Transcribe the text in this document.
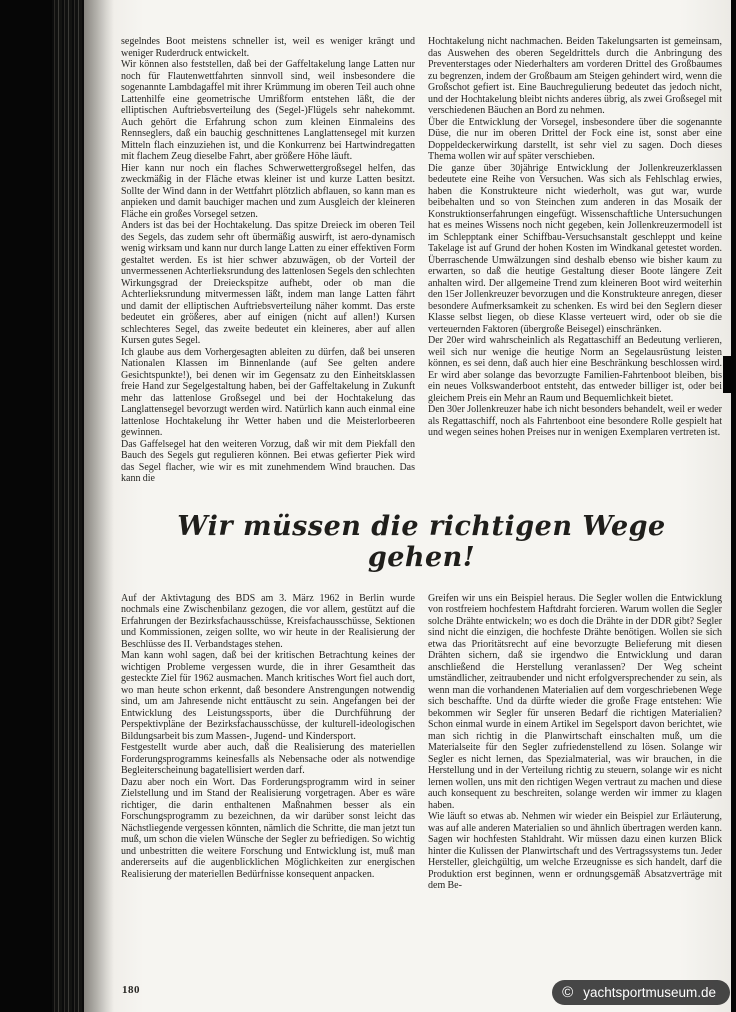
segelndes Boot meistens schneller ist, weil es weniger krängt und weniger Ruderdruck entwickelt.

Wir können also feststellen, daß bei der Gaffeltakelung lange Latten nur noch für Flautenwettfahrten sinnvoll sind, weil insbesondere die sogenannte Lambdagaffel mit ihrer Krümmung im oberen Teil auch ohne Lattenhilfe eine geometrische Umrißform entstehen läßt, die der elliptischen Auftriebsverteilung des (Segel-)Flügels sehr nahekommt. Auch gehört die Erfahrung schon zum kleinen Einmaleins des Rennseglers, daß ein bauchig geschnittenes Langlattensegel mit kurzen Mitteln flach einzuziehen ist, und die Konkurrenz bei Hartwindregatten mit flachem Zeug dieselbe Fahrt, aber größere Höhe läuft.

Hier kann nur noch ein flaches Schwerwettergroßsegel helfen, das zweckmäßig in der Fläche etwas kleiner ist und kurze Latten besitzt. Sollte der Wind dann in der Wettfahrt plötzlich abflauen, so kann man es anpieken und damit bauchiger machen und zum Ausgleich der kleineren Fläche ein großes Vorsegel setzen.

Anders ist das bei der Hochtakelung. Das spitze Dreieck im oberen Teil des Segels, das zudem sehr oft übermäßig auswirft, ist aero-dynamisch wenig wirksam und kann nur durch lange Latten zu einer effektiven Form gestaltet werden. Es ist hier schwer abzuwägen, ob der Vorteil der unvermessenen Achterlieksrundung des lattenlosen Segels den schlechten Wirkungsgrad der Dreieckspitze aufhebt, oder ob man die Achterlieksrundung mitvermessen läßt, indem man lange Latten fährt und damit der elliptischen Auftriebsverteilung näher kommt. Das erste bedeutet ein größeres, aber auf einigen (nicht auf allen!) Kursen schlechteres Segel, das zweite bedeutet ein kleineres, aber auf allen Kursen gutes Segel.

Ich glaube aus dem Vorhergesagten ableiten zu dürfen, daß bei unseren Nationalen Klassen im Binnenlande (auf See gelten andere Gesichtspunkte!), bei denen wir im Gegensatz zu den Einheitsklassen freie Hand zur Segelgestaltung haben, bei der Gaffeltakelung in Zukunft mehr das lattenlose Großsegel und bei der Hochtakelung das Langlattensegel bevorzugt werden wird. Natürlich kann auch einmal eine lattenlose Hochtakelung ihr Wetter haben und die Meisterlorbeeren gewinnen.

Das Gaffelsegel hat den weiteren Vorzug, daß wir mit dem Piekfall den Bauch des Segels gut regulieren können. Bei etwas gefierter Piek wird das Segel flacher, wie wir es mit zunehmendem Wind brauchen. Das kann die

Hochtakelung nicht nachmachen. Beiden Takelungsarten ist gemeinsam, das Auswehen des oberen Segeldrittels durch die Anbringung des Preventerstages oder Niederhalters am vorderen Drittel des Großbaumes zu begrenzen, indem der Großbaum am Steigen gehindert wird, wenn die Großschot gefiert ist. Eine Bauchregulierung bedeutet das jedoch nicht, und der Hochtakelung bleibt nichts anderes übrig, als zwei Großsegel mit verschiedenen Bäuchen an Bord zu nehmen.

Über die Entwicklung der Vorsegel, insbesondere über die sogenannte Düse, die nur im oberen Drittel der Fock eine ist, sonst aber eine Doppeldeckerwirkung darstellt, ist sehr viel zu sagen. Doch dieses Thema wollen wir auf später verschieben.

Die ganze über 30jährige Entwicklung der Jollenkreuzerklassen bedeutete eine Reihe von Versuchen. Was sich als Fehlschlag erwies, haben die Konstrukteure nicht wiederholt, was gut war, wurde beibehalten und so von Steinchen zum anderen in das Mosaik der Konstruktionserfahrungen eingefügt. Wissenschaftliche Untersuchungen hat es meines Wissens noch nicht gegeben, kein Jollenkreuzermodell ist im Schlepptank einer Schiffbau-Versuchsanstalt geschleppt und keine Takelage ist auf Grund der hohen Kosten im Windkanal getestet worden. Überraschende Umwälzungen sind deshalb ebenso wie bisher kaum zu erwarten, so daß die heutige Gestaltung dieser Boote längere Zeit anhalten wird. Der allgemeine Trend zum kleineren Boot wird weiterhin den 15er Jollenkreuzer bevorzugen und die Konstrukteure anregen, dieser besondere Aufmerksamkeit zu schenken. Es wird bei den Seglern dieser Klasse selbst liegen, ob diese Klasse verteuert wird, oder ob sie die verteuernden Faktoren (übergroße Beisegel) einschränken.

Der 20er wird wahrscheinlich als Regattaschiff an Bedeutung verlieren, weil sich nur wenige die heutige Norm an Segelausrüstung leisten können, es sei denn, daß auch hier eine Beschränkung beschlossen wird. Er wird aber solange das bevorzugte Familien-Fahrtenboot bleiben, bis ein neues Volkswanderboot entsteht, das entweder billiger ist, oder bei gleichem Preis ein Mehr an Raum und Bequemlichkeit bietet.

Den 30er Jollenkreuzer habe ich nicht besonders behandelt, weil er weder als Regattaschiff, noch als Fahrtenboot eine besondere Rolle gespielt hat und wegen seines hohen Preises nur in wenigen Exemplaren vertreten ist.

Wir müssen die richtigen Wege gehen!

Auf der Aktivtagung des BDS am 3. März 1962 in Berlin wurde nochmals eine Zwischenbilanz gezogen, die vor allem, gestützt auf die Erfahrungen der Bezirksfachausschüsse, Kreisfachausschüsse, Sektionen und Kommissionen, zeigen sollte, wo wir heute in der Realisierung der Beschlüsse des II. Verbandstages stehen.

Man kann wohl sagen, daß bei der kritischen Betrachtung keines der wichtigen Probleme vergessen wurde, die in ihrer Gesamtheit das gesteckte Ziel für 1962 ausmachen. Manch kritisches Wort fiel auch dort, wo man heute schon erkennt, daß besondere Anstrengungen notwendig sind, um am Jahresende nicht enttäuscht zu sein. Angefangen bei der Entwicklung des Leistungssports, über die Durchführung der Perspektivpläne der Bezirksfachausschüsse, der kulturell-ideologischen Bildungsarbeit bis zum Massen-, Jugend- und Kindersport.

Festgestellt wurde aber auch, daß die Realisierung des materiellen Forderungsprogramms keinesfalls als Nebensache oder als notwendige Begleiterscheinung bagatellisiert werden darf.

Dazu aber noch ein Wort. Das Forderungsprogramm wird in seiner Zielstellung und im Stand der Realisierung vorgetragen. Aber es wäre richtiger, die darin enthaltenen Maßnahmen besser als ein Forschungsprogramm zu bezeichnen, da wir darüber sonst leicht das Nächstliegende vergessen könnten, nämlich die Schritte, die man jetzt tun muß, um schon die vielen Wünsche der Segler zu befriedigen. So wichtig und unbestritten die weitere Forschung und Entwicklung ist, muß man andererseits auf die augenblicklichen Möglichkeiten zur energischen Realisierung der materiellen Bedürfnisse konsequent anpacken.

Greifen wir uns ein Beispiel heraus. Die Segler wollen die Entwicklung von rostfreiem hochfestem Haftdraht forcieren. Warum wollen die Segler solche Drähte entwickeln; wo es doch die Drähte in der DDR gibt? Segler sind nicht die einzigen, die hochfeste Drähte benötigen. Wollen sie sich etwa das Prioritätsrecht auf eine bevorzugte Belieferung mit diesen Drähten sichern, daß sie irgendwo die Entwicklung und daran anschließend die Herstellung veranlassen? Der Weg scheint umständlicher, zeitraubender und nicht erfolgversprechender zu sein, als wenn man die vorhandenen Materialien auf dem vorgeschriebenen Wege sich beschaffte. Und da dürfte wieder die große Frage entstehen: Wie bekommen wir Segler für unseren Bedarf die richtigen Materialien? Schon einmal wurde in einem Artikel im Segelsport davon berichtet, wie man sich richtig in die Planwirtschaft einschalten muß, um die Materialseite für den Segler zufriedenstellend zu lösen. Solange wir Segler es nicht lernen, das Spezialmaterial, was wir brauchen, in die Herstellung und in der Verteilung richtig zu steuern, solange wir es nicht lernen wollen, uns mit den richtigen Wegen vertraut zu machen und diese auch konsequent zu beschreiten, solange werden wir immer zu klagen haben.

Wie läuft so etwas ab. Nehmen wir wieder ein Beispiel zur Erläuterung, was auf alle anderen Materialien so und ähnlich übertragen werden kann. Sagen wir hochfesten Stahldraht. Wir müssen dazu einen kurzen Blick hinter die Kulissen der Planwirtschaft und des Vertragssystems tun. Jeder Hersteller, gleichgültig, um welche Erzeugnisse es sich handelt, darf die Produktion erst beginnen, wenn er ordnungsgemäß Absatzverträge mit dem Be-

180	© yachtsportmuseum.de
